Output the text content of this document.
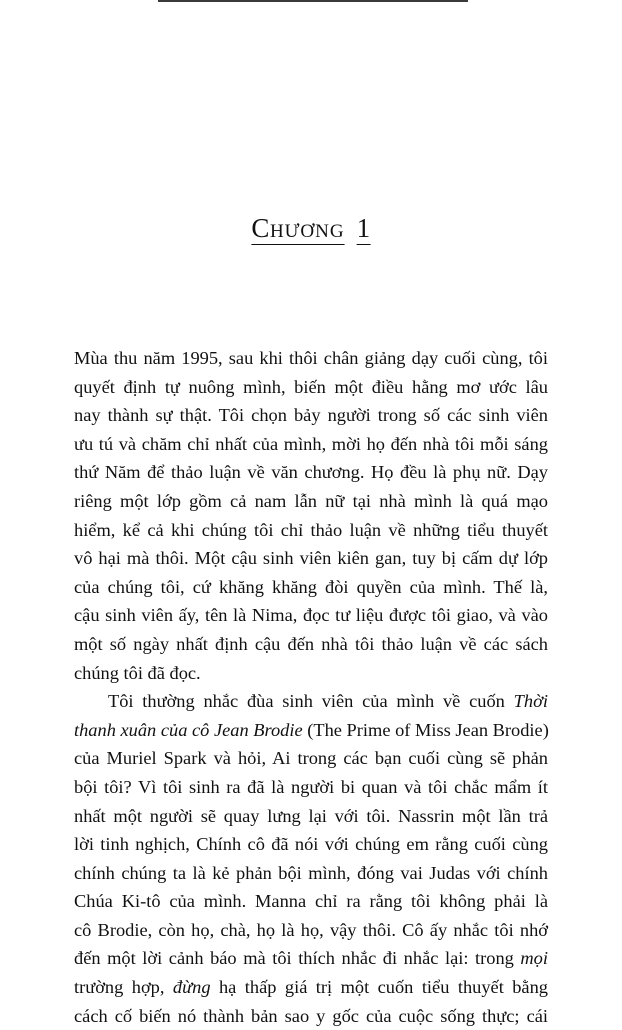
CHƯƠNG 1

Mùa thu năm 1995, sau khi thôi chân giảng dạy cuối cùng, tôi
quyết định tự nuông mình, biến một điều hằng mơ ước lâu
nay thành sự thật. Tôi chọn bảy người trong số các sinh viên
ưu tú và chăm chỉ nhất của mình, mời họ đến nhà tôi mỗi sáng
thứ Năm để thảo luận về văn chương. Họ đều là phụ nữ. Dạy
riêng một lớp gồm cả nam lẫn nữ tại nhà mình là quá mạo
hiểm, kể cả khi chúng tôi chỉ thảo luận về những tiểu thuyết
vô hại mà thôi. Một cậu sinh viên kiên gan, tuy bị cấm dự lớp
của chúng tôi, cứ khăng khăng đòi quyền của mình. Thế là,
cậu sinh viên ấy, tên là Nima, đọc tư liệu được tôi giao, và vào
một số ngày nhất định cậu đến nhà tôi thảo luận về các sách
chúng tôi đã đọc.

Tôi thường nhắc đùa sinh viên của mình về cuốn Thời
thanh xuân của cô Jean Brodie (The Prime of Miss Jean Brodie)
của Muriel Spark và hỏi, Ai trong các bạn cuối cùng sẽ phản
bội tôi? Vì tôi sinh ra đã là người bi quan và tôi chắc mẩm ít
nhất một người sẽ quay lưng lại với tôi. Nassrin một lần trả
lời tinh nghịch, Chính cô đã nói với chúng em rằng cuối cùng
chính chúng ta là kẻ phản bội mình, đóng vai Judas với chính
Chúa Ki-tô của mình. Manna chỉ ra rằng tôi không phải là
cô Brodie, còn họ, chà, họ là họ, vậy thôi. Cô ấy nhắc tôi nhớ
đến một lời cảnh báo mà tôi thích nhắc đi nhắc lại: trong mọi
trường hợp, đừng hạ thấp giá trị một cuốn tiểu thuyết bằng
cách cố biến nó thành bản sao y gốc của cuộc sống thực; cái
